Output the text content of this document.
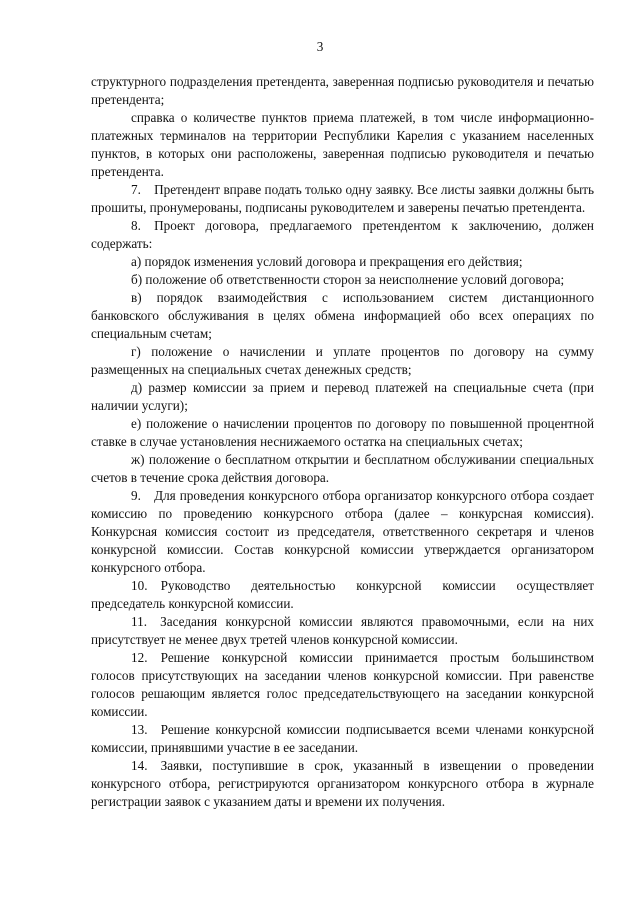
3

структурного подразделения претендента, заверенная подписью руководителя и печатью претендента;

справка о количестве пунктов приема платежей, в том числе информационно-платежных терминалов на территории Республики Карелия с указанием населенных пунктов, в которых они расположены, заверенная подписью руководителя и печатью претендента.

7. Претендент вправе подать только одну заявку. Все листы заявки должны быть прошиты, пронумерованы, подписаны руководителем и заверены печатью претендента.

8. Проект договора, предлагаемого претендентом к заключению, должен содержать:

а) порядок изменения условий договора и прекращения его действия;

б) положение об ответственности сторон за неисполнение условий договора;

в) порядок взаимодействия с использованием систем дистанционного банковского обслуживания в целях обмена информацией обо всех операциях по специальным счетам;

г) положение о начислении и уплате процентов по договору на сумму размещенных на специальных счетах денежных средств;

д) размер комиссии за прием и перевод платежей на специальные счета (при наличии услуги);

е) положение о начислении процентов по договору по повышенной процентной ставке в случае установления неснижаемого остатка на специальных счетах;

ж) положение о бесплатном открытии и бесплатном обслуживании специальных счетов в течение срока действия договора.

9. Для проведения конкурсного отбора организатор конкурсного отбора создает комиссию по проведению конкурсного отбора (далее – конкурсная комиссия). Конкурсная комиссия состоит из председателя, ответственного секретаря и членов конкурсной комиссии. Состав конкурсной комиссии утверждается организатором конкурсного отбора.

10. Руководство деятельностью конкурсной комиссии осуществляет председатель конкурсной комиссии.

11. Заседания конкурсной комиссии являются правомочными, если на них присутствует не менее двух третей членов конкурсной комиссии.

12. Решение конкурсной комиссии принимается простым большинством голосов присутствующих на заседании членов конкурсной комиссии. При равенстве голосов решающим является голос председательствующего на заседании конкурсной комиссии.

13. Решение конкурсной комиссии подписывается всеми членами конкурсной комиссии, принявшими участие в ее заседании.

14. Заявки, поступившие в срок, указанный в извещении о проведении конкурсного отбора, регистрируются организатором конкурсного отбора в журнале регистрации заявок с указанием даты и времени их получения.
